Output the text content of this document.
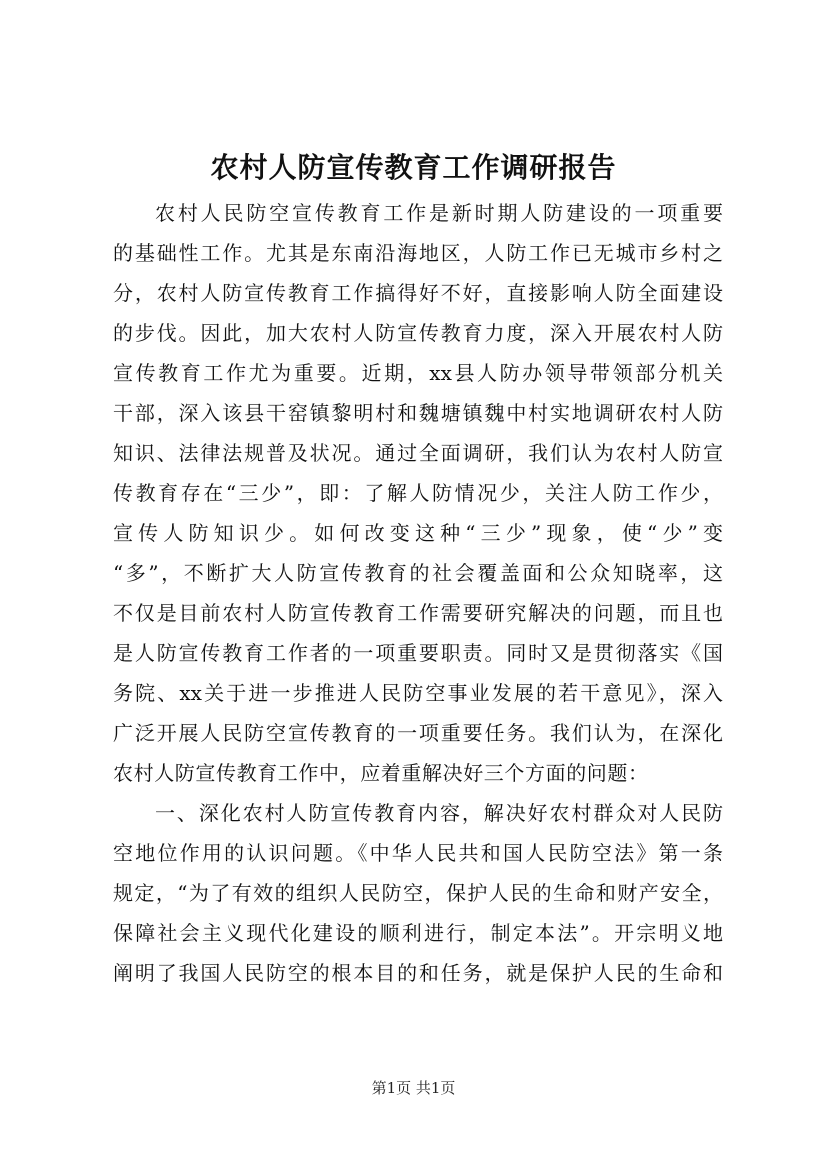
农村人防宣传教育工作调研报告
农村人民防空宣传教育工作是新时期人防建设的一项重要
的基础性工作。尤其是东南沿海地区，人防工作已无城市乡村之
分，农村人防宣传教育工作搞得好不好，直接影响人防全面建设
的步伐。因此，加大农村人防宣传教育力度，深入开展农村人防
宣传教育工作尤为重要。近期，xx县人防办领导带领部分机关
干部，深入该县干窑镇黎明村和魏塘镇魏中村实地调研农村人防
知识、法律法规普及状况。通过全面调研，我们认为农村人防宣
传教育存在“三少”，即：了解人防情况少，关注人防工作少，
宣传人防知识少。如何改变这种“三少”现象，使“少”变
“多”，不断扩大人防宣传教育的社会覆盖面和公众知晓率，这
不仅是目前农村人防宣传教育工作需要研究解决的问题，而且也
是人防宣传教育工作者的一项重要职责。同时又是贯彻落实《国
务院、xx关于进一步推进人民防空事业发展的若干意见》，深入
广泛开展人民防空宣传教育的一项重要任务。我们认为，在深化
农村人防宣传教育工作中，应着重解决好三个方面的问题：
一、深化农村人防宣传教育内容，解决好农村群众对人民防
空地位作用的认识问题。《中华人民共和国人民防空法》第一条
规定，“为了有效的组织人民防空，保护人民的生命和财产安全，
保障社会主义现代化建设的顺利进行，制定本法”。开宗明义地
阐明了我国人民防空的根本目的和任务，就是保护人民的生命和
第1页 共1页
